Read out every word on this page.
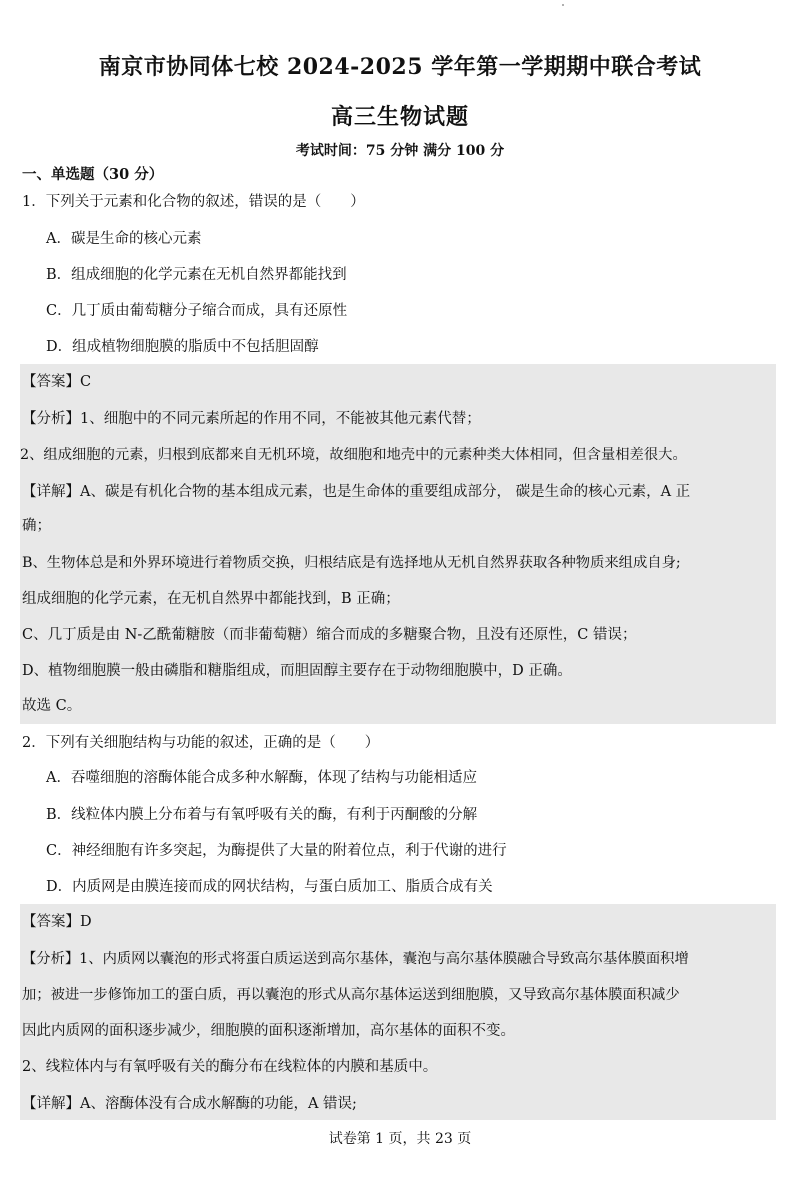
南京市协同体七校 2024-2025 学年第一学期期中联合考试
高三生物试题
考试时间：75 分钟 满分 100 分
一、单选题（30 分）
1．下列关于元素和化合物的叙述，错误的是（　　）
A．碳是生命的核心元素
B．组成细胞的化学元素在无机自然界都能找到
C．几丁质由葡萄糖分子缩合而成，具有还原性
D．组成植物细胞膜的脂质中不包括胆固醇
【答案】C
【分析】1、细胞中的不同元素所起的作用不同，不能被其他元素代替；
2、组成细胞的元素，归根到底都来自无机环境，故细胞和地壳中的元素种类大体相同，但含量相差很大。
【详解】A、碳是有机化合物的基本组成元素，也是生命体的重要组成部分， 碳是生命的核心元素，A 正
确；
B、生物体总是和外界环境进行着物质交换，归根结底是有选择地从无机自然界获取各种物质来组成自身;
组成细胞的化学元素，在无机自然界中都能找到，B 正确；
C、几丁质是由 N-乙酰葡糖胺（而非葡萄糖）缩合而成的多糖聚合物，且没有还原性，C 错误；
D、植物细胞膜一般由磷脂和糖脂组成，而胆固醇主要存在于动物细胞膜中，D 正确。
故选 C。
2．下列有关细胞结构与功能的叙述，正确的是（　　）
A．吞噬细胞的溶酶体能合成多种水解酶，体现了结构与功能相适应
B．线粒体内膜上分布着与有氧呼吸有关的酶，有利于丙酮酸的分解
C．神经细胞有许多突起，为酶提供了大量的附着位点，利于代谢的进行
D．内质网是由膜连接而成的网状结构，与蛋白质加工、脂质合成有关
【答案】D
【分析】1、内质网以囊泡的形式将蛋白质运送到高尔基体，囊泡与高尔基体膜融合导致高尔基体膜面积增
加；被进一步修饰加工的蛋白质，再以囊泡的形式从高尔基体运送到细胞膜，又导致高尔基体膜面积减少
因此内质网的面积逐步减少，细胞膜的面积逐渐增加，高尔基体的面积不变。
2、线粒体内与有氧呼吸有关的酶分布在线粒体的内膜和基质中。
【详解】A、溶酶体没有合成水解酶的功能，A 错误;
试卷第 1 页，共 23 页
